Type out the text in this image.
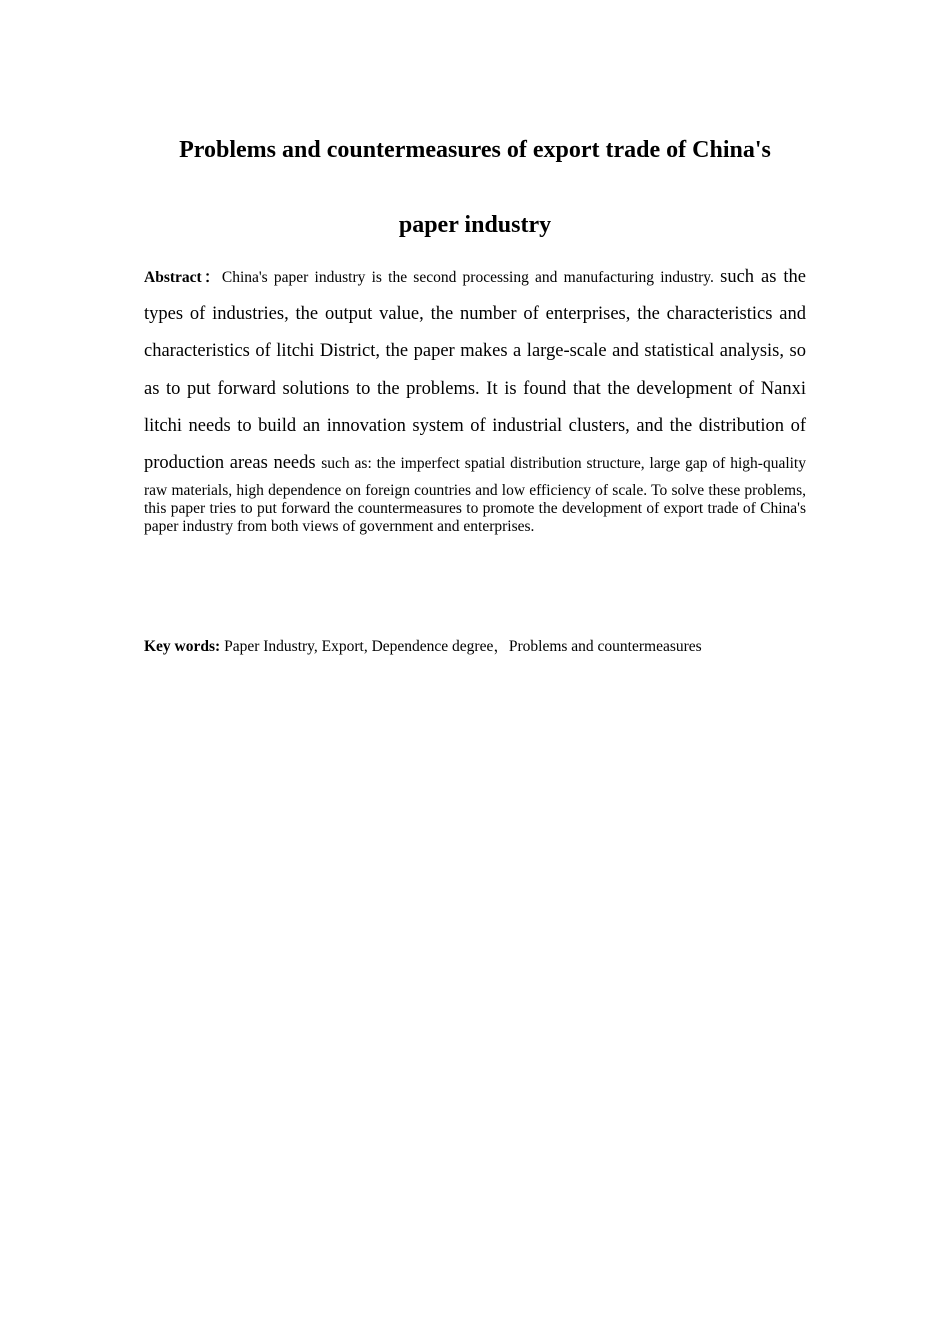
Problems and countermeasures of export trade of China's
paper industry

Abstract：China's paper industry is the second processing and manufacturing industry. such as the types of industries, the output value, the number of enterprises, the characteristics and characteristics of litchi District, the paper makes a large-scale and statistical analysis, so as to put forward solutions to the problems. It is found that the development of Nanxi litchi needs to build an innovation system of industrial clusters, and the distribution of production areas needs such as: the imperfect spatial distribution structure, large gap of high-quality raw materials, high dependence on foreign countries and low efficiency of scale. To solve these problems, this paper tries to put forward the countermeasures to promote the development of export trade of China's paper industry from both views of government and enterprises.

Key words: Paper Industry, Export, Dependence degree，Problems and countermeasures
